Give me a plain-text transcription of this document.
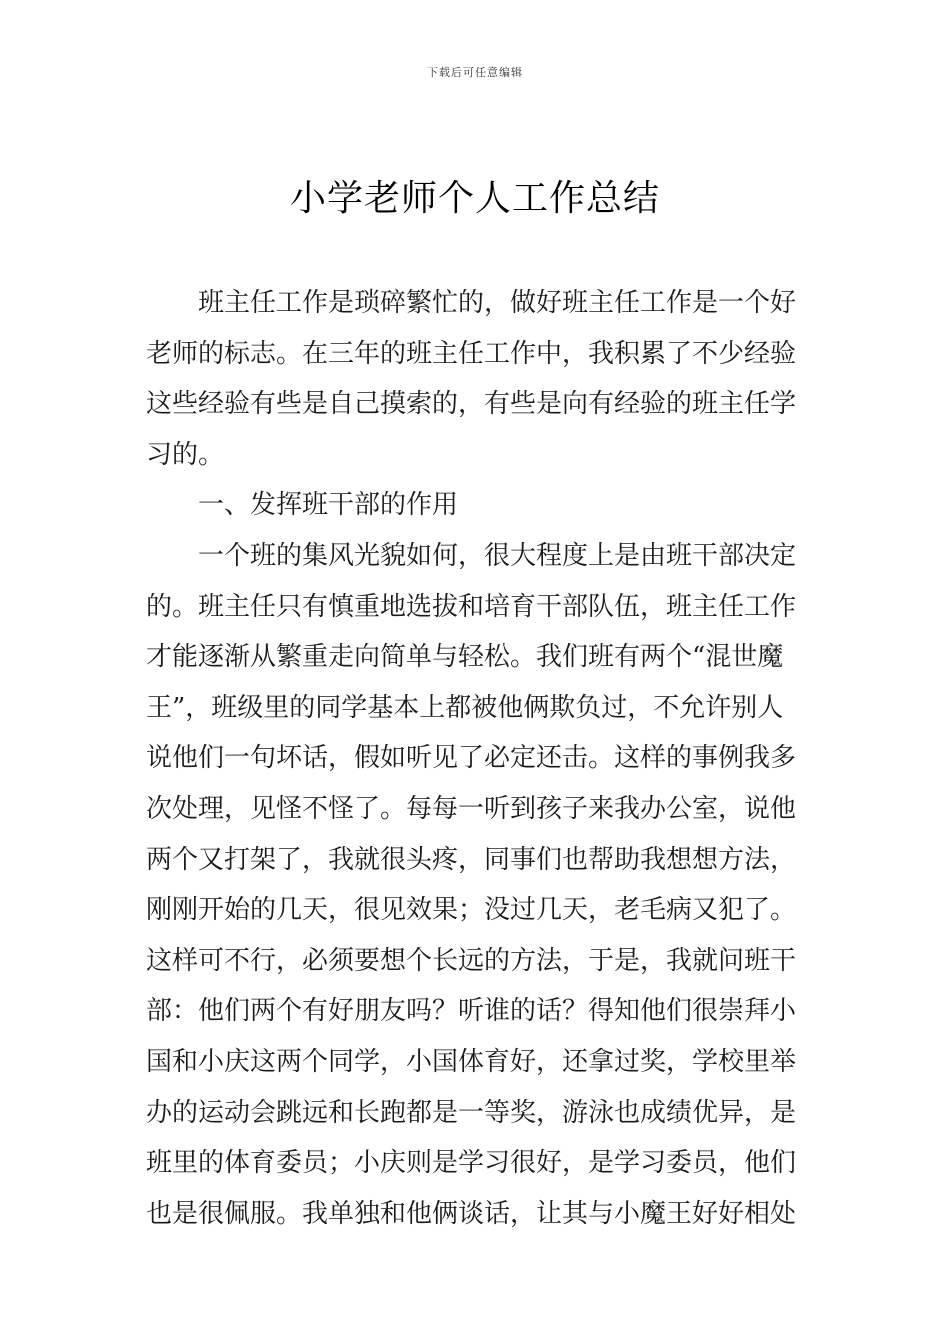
下载后可任意编辑
小学老师个人工作总结
班主任工作是琐碎繁忙的，做好班主任工作是一个好
老师的标志。在三年的班主任工作中，我积累了不少经验
这些经验有些是自己摸索的，有些是向有经验的班主任学
习的。
一、发挥班干部的作用
一个班的集风光貌如何，很大程度上是由班干部决定
的。班主任只有慎重地选拔和培育干部队伍，班主任工作
才能逐渐从繁重走向简单与轻松。我们班有两个“混世魔
王”，班级里的同学基本上都被他俩欺负过，不允许别人
说他们一句坏话，假如听见了必定还击。这样的事例我多
次处理，见怪不怪了。每每一听到孩子来我办公室，说他
两个又打架了，我就很头疼，同事们也帮助我想想方法，
刚刚开始的几天，很见效果；没过几天，老毛病又犯了。
这样可不行，必须要想个长远的方法，于是，我就问班干
部：他们两个有好朋友吗？听谁的话？得知他们很崇拜小
国和小庆这两个同学，小国体育好，还拿过奖，学校里举
办的运动会跳远和长跑都是一等奖，游泳也成绩优异，是
班里的体育委员；小庆则是学习很好，是学习委员，他们
也是很佩服。我单独和他俩谈话，让其与小魔王好好相处
